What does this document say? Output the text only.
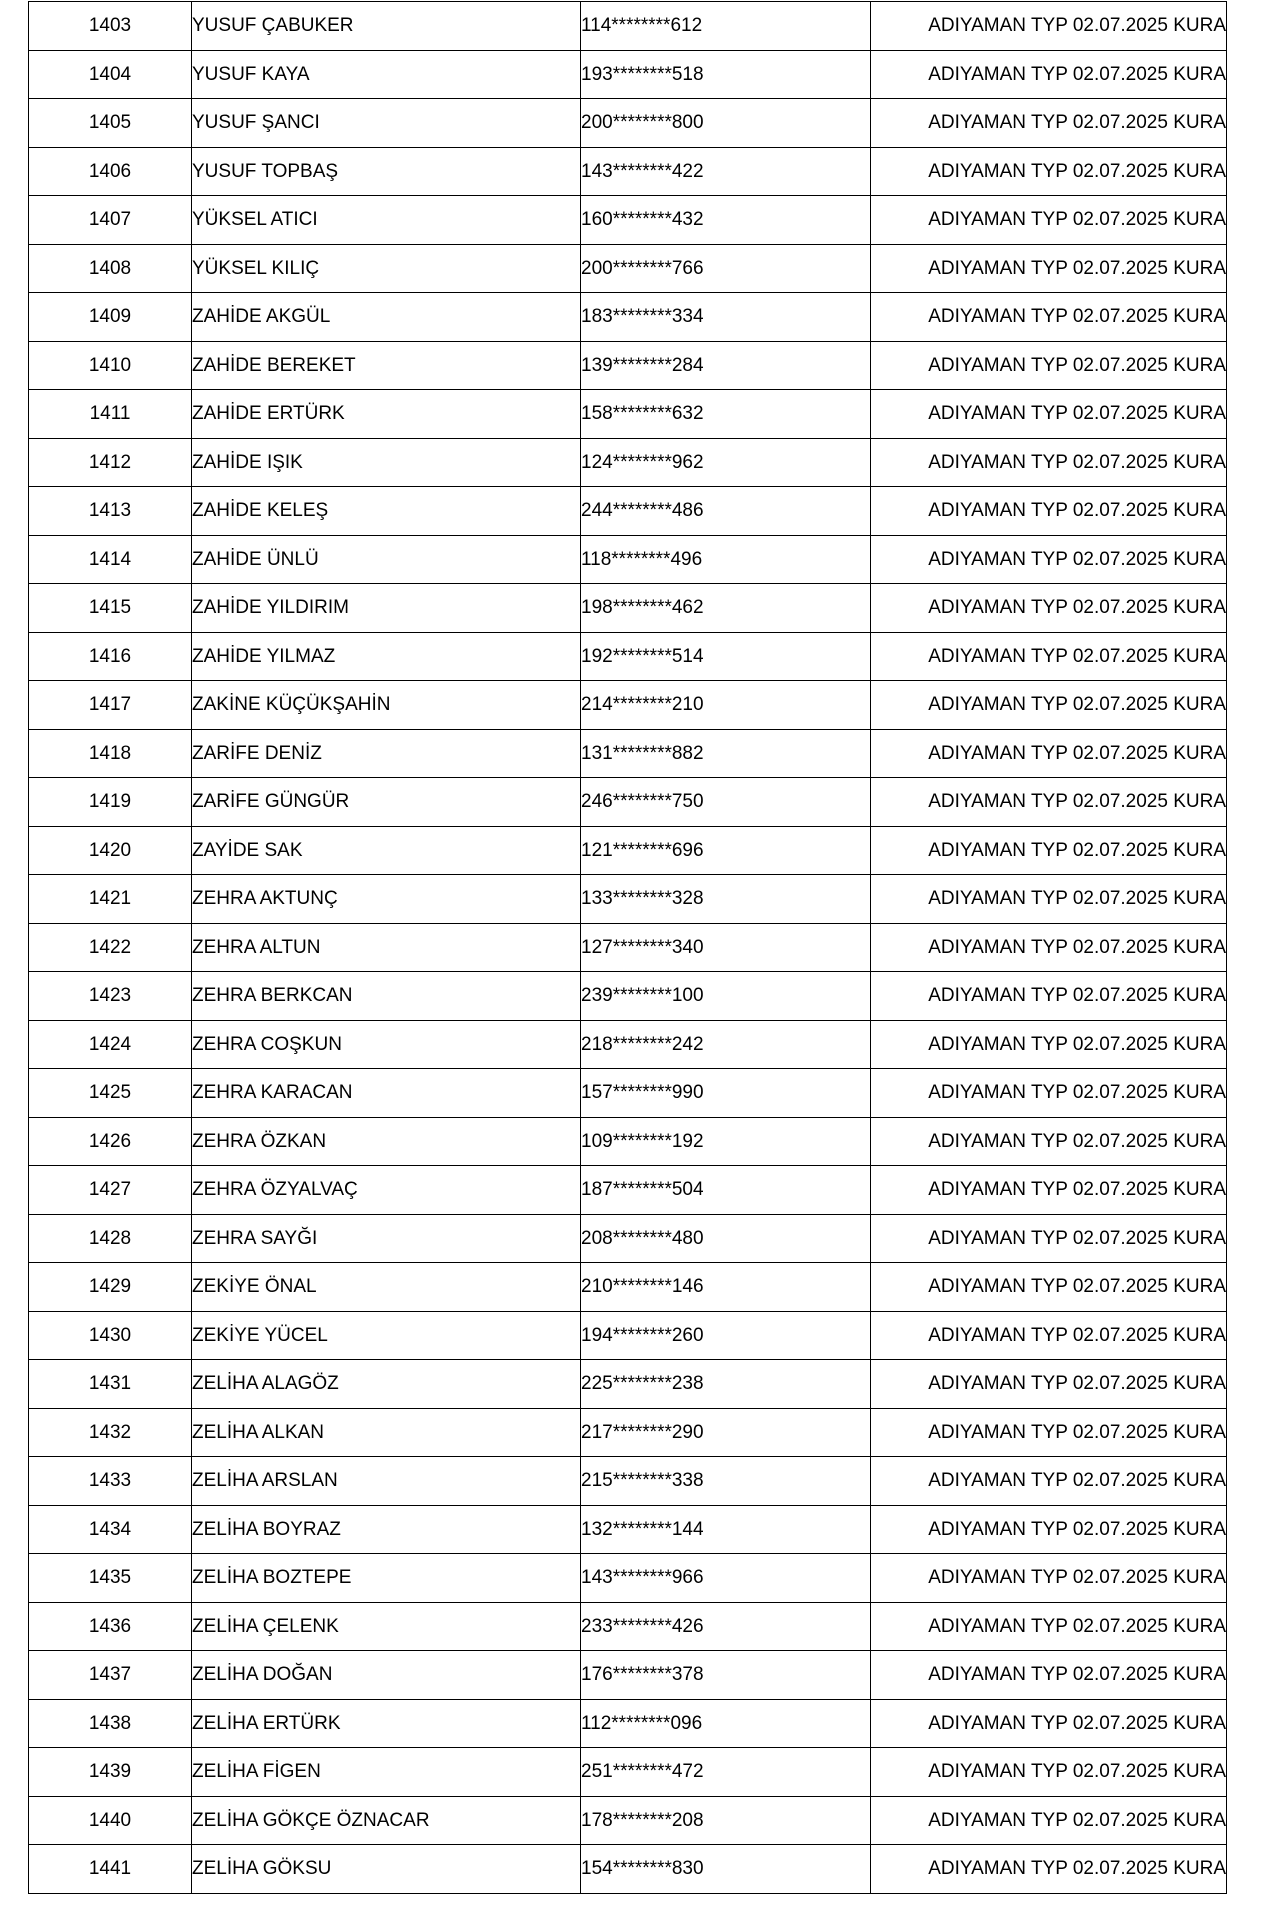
1403	YUSUF ÇABUKER	114********612	ADIYAMAN TYP 02.07.2025 KURA
1404	YUSUF KAYA	193********518	ADIYAMAN TYP 02.07.2025 KURA
1405	YUSUF ŞANCI	200********800	ADIYAMAN TYP 02.07.2025 KURA
1406	YUSUF TOPBAŞ	143********422	ADIYAMAN TYP 02.07.2025 KURA
1407	YÜKSEL ATICI	160********432	ADIYAMAN TYP 02.07.2025 KURA
1408	YÜKSEL KILIÇ	200********766	ADIYAMAN TYP 02.07.2025 KURA
1409	ZAHİDE AKGÜL	183********334	ADIYAMAN TYP 02.07.2025 KURA
1410	ZAHİDE BEREKET	139********284	ADIYAMAN TYP 02.07.2025 KURA
1411	ZAHİDE ERTÜRK	158********632	ADIYAMAN TYP 02.07.2025 KURA
1412	ZAHİDE IŞIK	124********962	ADIYAMAN TYP 02.07.2025 KURA
1413	ZAHİDE KELEŞ	244********486	ADIYAMAN TYP 02.07.2025 KURA
1414	ZAHİDE ÜNLÜ	118********496	ADIYAMAN TYP 02.07.2025 KURA
1415	ZAHİDE YILDIRIM	198********462	ADIYAMAN TYP 02.07.2025 KURA
1416	ZAHİDE YILMAZ	192********514	ADIYAMAN TYP 02.07.2025 KURA
1417	ZAKİNE KÜÇÜKŞAHİN	214********210	ADIYAMAN TYP 02.07.2025 KURA
1418	ZARİFE DENİZ	131********882	ADIYAMAN TYP 02.07.2025 KURA
1419	ZARİFE GÜNGÜR	246********750	ADIYAMAN TYP 02.07.2025 KURA
1420	ZAYİDE SAK	121********696	ADIYAMAN TYP 02.07.2025 KURA
1421	ZEHRA AKTUNÇ	133********328	ADIYAMAN TYP 02.07.2025 KURA
1422	ZEHRA ALTUN	127********340	ADIYAMAN TYP 02.07.2025 KURA
1423	ZEHRA BERKCAN	239********100	ADIYAMAN TYP 02.07.2025 KURA
1424	ZEHRA COŞKUN	218********242	ADIYAMAN TYP 02.07.2025 KURA
1425	ZEHRA KARACAN	157********990	ADIYAMAN TYP 02.07.2025 KURA
1426	ZEHRA ÖZKAN	109********192	ADIYAMAN TYP 02.07.2025 KURA
1427	ZEHRA ÖZYALVAÇ	187********504	ADIYAMAN TYP 02.07.2025 KURA
1428	ZEHRA SAYĞI	208********480	ADIYAMAN TYP 02.07.2025 KURA
1429	ZEKİYE ÖNAL	210********146	ADIYAMAN TYP 02.07.2025 KURA
1430	ZEKİYE YÜCEL	194********260	ADIYAMAN TYP 02.07.2025 KURA
1431	ZELİHA ALAGÖZ	225********238	ADIYAMAN TYP 02.07.2025 KURA
1432	ZELİHA ALKAN	217********290	ADIYAMAN TYP 02.07.2025 KURA
1433	ZELİHA ARSLAN	215********338	ADIYAMAN TYP 02.07.2025 KURA
1434	ZELİHA BOYRAZ	132********144	ADIYAMAN TYP 02.07.2025 KURA
1435	ZELİHA BOZTEPE	143********966	ADIYAMAN TYP 02.07.2025 KURA
1436	ZELİHA ÇELENK	233********426	ADIYAMAN TYP 02.07.2025 KURA
1437	ZELİHA DOĞAN	176********378	ADIYAMAN TYP 02.07.2025 KURA
1438	ZELİHA ERTÜRK	112********096	ADIYAMAN TYP 02.07.2025 KURA
1439	ZELİHA FİGEN	251********472	ADIYAMAN TYP 02.07.2025 KURA
1440	ZELİHA GÖKÇE ÖZNACAR	178********208	ADIYAMAN TYP 02.07.2025 KURA
1441	ZELİHA GÖKSU	154********830	ADIYAMAN TYP 02.07.2025 KURA
